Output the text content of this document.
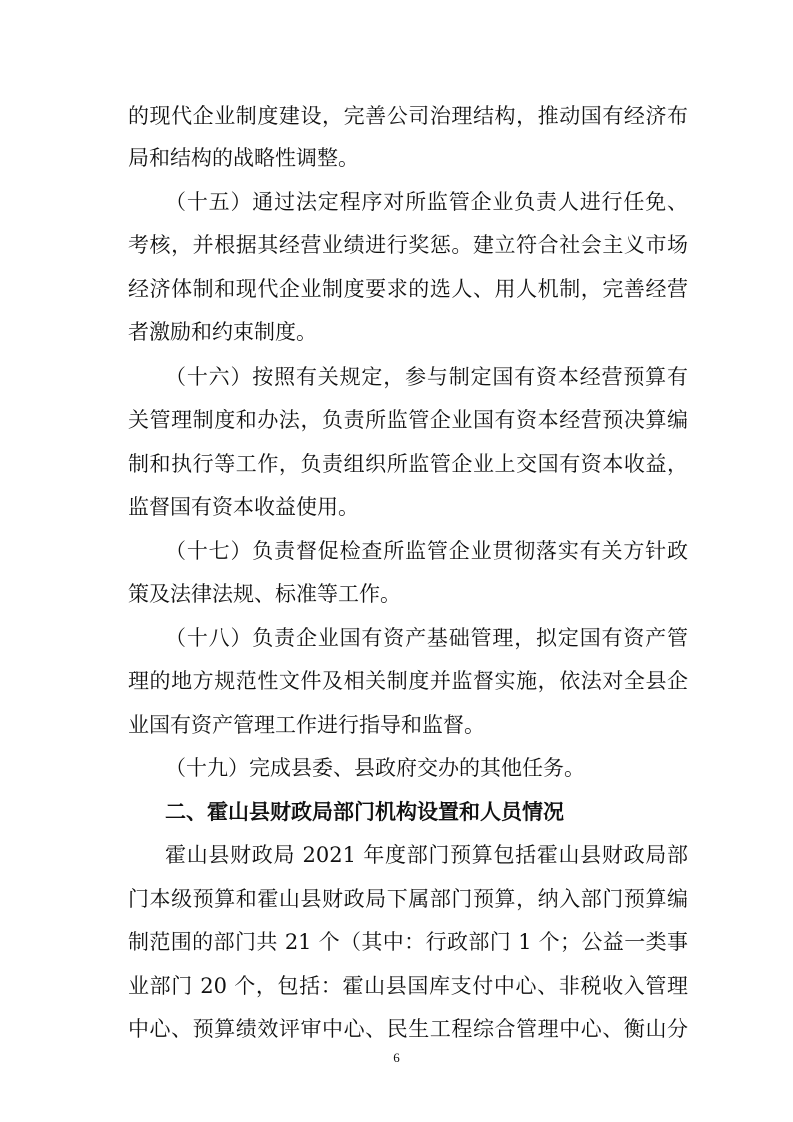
的现代企业制度建设，完善公司治理结构，推动国有经济布
局和结构的战略性调整。
（十五）通过法定程序对所监管企业负责人进行任免、
考核，并根据其经营业绩进行奖惩。建立符合社会主义市场
经济体制和现代企业制度要求的选人、用人机制，完善经营
者激励和约束制度。
（十六）按照有关规定，参与制定国有资本经营预算有
关管理制度和办法，负责所监管企业国有资本经营预决算编
制和执行等工作，负责组织所监管企业上交国有资本收益，
监督国有资本收益使用。
（十七）负责督促检查所监管企业贯彻落实有关方针政
策及法律法规、标准等工作。
（十八）负责企业国有资产基础管理，拟定国有资产管
理的地方规范性文件及相关制度并监督实施，依法对全县企
业国有资产管理工作进行指导和监督。
（十九）完成县委、县政府交办的其他任务。
二、霍山县财政局部门机构设置和人员情况
霍山县财政局 2021 年度部门预算包括霍山县财政局部
门本级预算和霍山县财政局下属部门预算，纳入部门预算编
制范围的部门共 21 个（其中：行政部门 1 个；公益一类事
业部门 20 个，包括：霍山县国库支付中心、非税收入管理
中心、预算绩效评审中心、民生工程综合管理中心、衡山分
6
